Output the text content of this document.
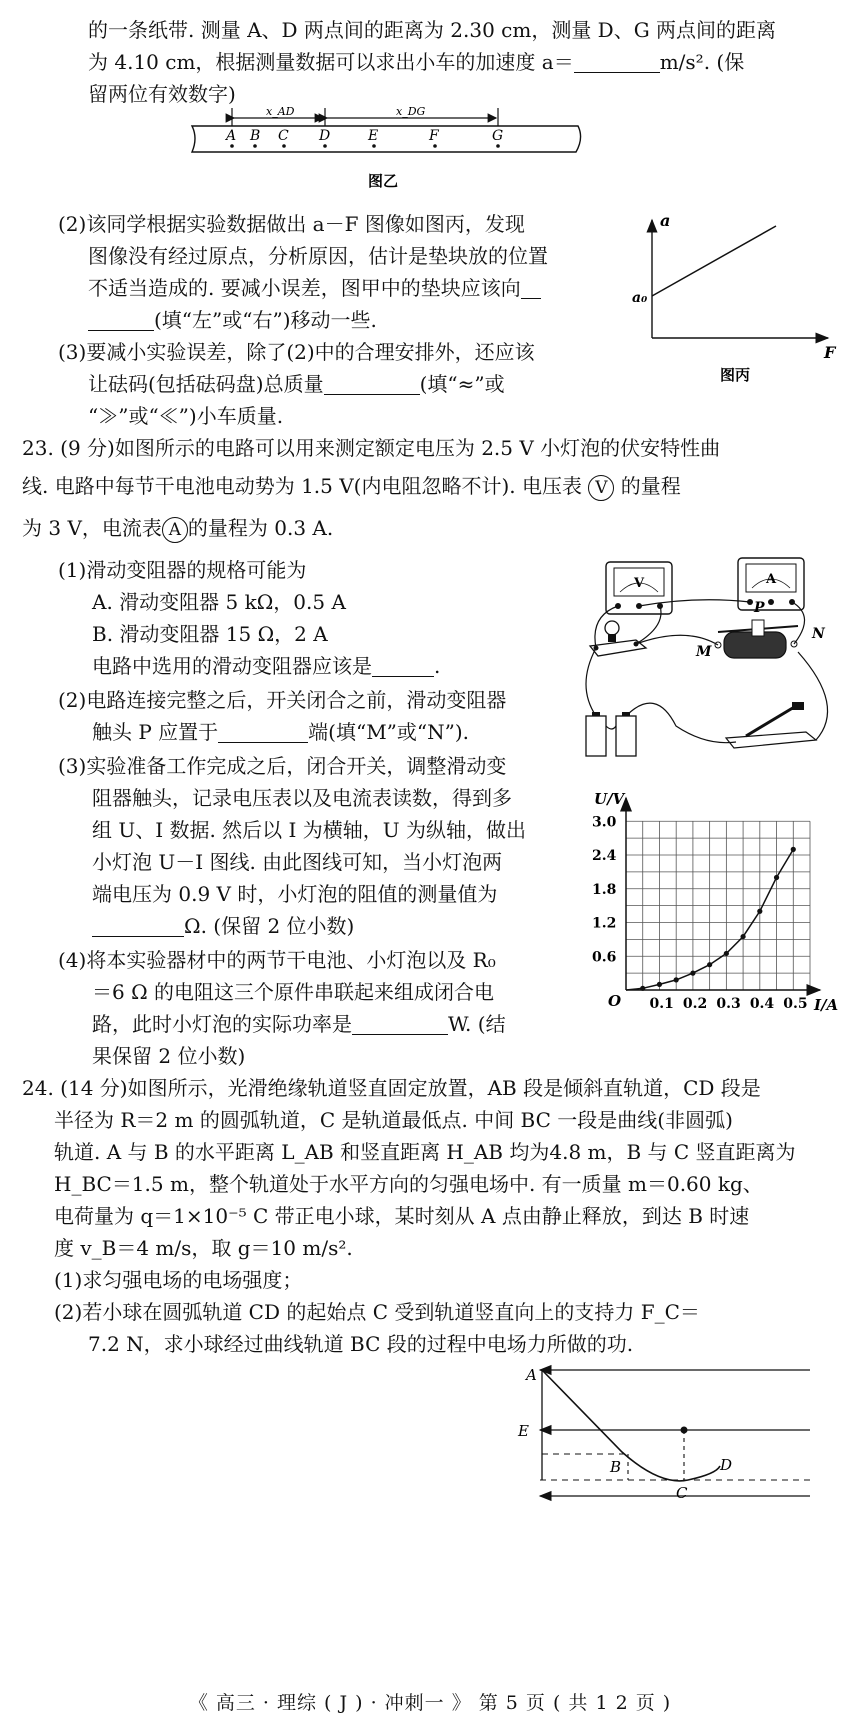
的一条纸带. 测量 A、D 两点间的距离为 2.30 cm，测量 D、G 两点间的距离
为 4.10 cm，根据测量数据可以求出小车的加速度 a＝	m/s². (保
留两位有效数字)
x_AD	x_DG
A B C D	E	F	G
图乙
(2)该同学根据实验数据做出 a－F 图像如图丙，发现
图像没有经过原点，分析原因，估计是垫块放的位置
不适当造成的. 要减小误差，图甲中的垫块应该向
(填“左”或“右”)移动一些.
(3)要减小实验误差，除了(2)中的合理安排外，还应该
让砝码(包括砝码盘)总质量	(填“≈”或
“≫”或“≪”)小车质量.
a
F
a₀
图丙
23. (9 分)如图所示的电路可以用来测定额定电压为 2.5 V 小灯泡的伏安特性曲
线. 电路中每节干电池电动势为 1.5 V(内电阻忽略不计). 电压表 V 的量程
为 3 V，电流表 A 的量程为 0.3 A.
(1)滑动变阻器的规格可能为
A. 滑动变阻器 5 kΩ，0.5 A
B. 滑动变阻器 15 Ω，2 A
电路中选用的滑动变阻器应该是	.
(2)电路连接完整之后，开关闭合之前，滑动变阻器
触头 P 应置于	端(填“M”或“N”).
(3)实验准备工作完成之后，闭合开关，调整滑动变
阻器触头，记录电压表以及电流表读数，得到多
组 U、I 数据. 然后以 I 为横轴，U 为纵轴，做出
小灯泡 U－I 图线. 由此图线可知，当小灯泡两
端电压为 0.9 V 时，小灯泡的阻值的测量值为
Ω. (保留 2 位小数)
(4)将本实验器材中的两节干电池、小灯泡以及 R₀
＝6 Ω 的电阻这三个原件串联起来组成闭合电
路，此时小灯泡的实际功率是	W. (结
果保留 2 位小数)
V	A
P
M
N
0.1 0.2 0.3 0.4 0.5
0.6
1.2
1.8
2.4
3.0
U/V
I/A
O
24. (14 分)如图所示，光滑绝缘轨道竖直固定放置，AB 段是倾斜直轨道，CD 段是
半径为 R＝2 m 的圆弧轨道，C 是轨道最低点. 中间 BC 一段是曲线(非圆弧)
轨道. A 与 B 的水平距离 L_AB 和竖直距离 H_AB 均为4.8 m，B 与 C 竖直距离为
H_BC＝1.5 m，整个轨道处于水平方向的匀强电场中. 有一质量 m＝0.60 kg、
电荷量为 q＝1×10⁻⁵ C 带正电小球，某时刻从 A 点由静止释放，到达 B 时速
度 v_B＝4 m/s，取 g＝10 m/s².
(1)求匀强电场的电场强度；
(2)若小球在圆弧轨道 CD 的起始点 C 受到轨道竖直向上的支持力 F_C＝
7.2 N，求小球经过曲线轨道 BC 段的过程中电场力所做的功.
A
B
C
D
E
《 高三 · 理综 ( J ) · 冲刺一 》 第 5 页 ( 共 1 2 页 )
